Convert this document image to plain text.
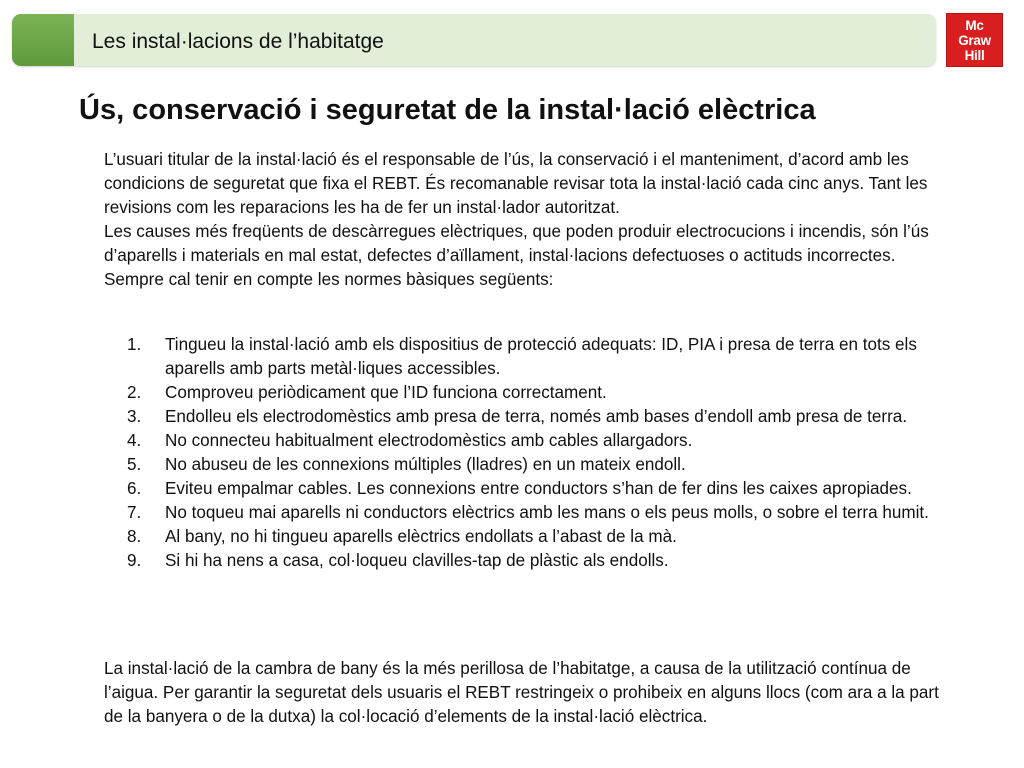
Les instal·lacions de l’habitatge
Mc
Graw
Hill
Ús, conservació i seguretat de la instal·lació elèctrica

L’usuari titular de la instal·lació és el responsable de l’ús, la conservació i el manteniment, d’acord amb les condicions de seguretat que fixa el REBT. És recomanable revisar tota la instal·lació cada cinc anys. Tant les revisions com les reparacions les ha de fer un instal·lador autoritzat.

Les causes més freqüents de descàrregues elèctriques, que poden produir electrocucions i incendis, són l’ús d’aparells i materials en mal estat, defectes d’aïllament, instal·lacions defectuoses o actituds incorrectes.

Sempre cal tenir en compte les normes bàsiques següents:

1. Tingueu la instal·lació amb els dispositius de protecció adequats: ID, PIA i presa de terra en tots els aparells amb parts metàl·liques accessibles.
2. Comproveu periòdicament que l’ID funciona correctament.
3. Endolleu els electrodomèstics amb presa de terra, només amb bases d’endoll amb presa de terra.
4. No connecteu habitualment electrodomèstics amb cables allargadors.
5. No abuseu de les connexions múltiples (lladres) en un mateix endoll.
6. Eviteu empalmar cables. Les connexions entre conductors s’han de fer dins les caixes apropiades.
7. No toqueu mai aparells ni conductors elèctrics amb les mans o els peus molls, o sobre el terra humit.
8. Al bany, no hi tingueu aparells elèctrics endollats a l’abast de la mà.
9. Si hi ha nens a casa, col·loqueu clavilles-tap de plàstic als endolls.

La instal·lació de la cambra de bany és la més perillosa de l’habitatge, a causa de la utilització contínua de l’aigua. Per garantir la seguretat dels usuaris el REBT restringeix o prohibeix en alguns llocs (com ara a la part de la banyera o de la dutxa) la col·locació d’elements de la instal·lació elèctrica.
